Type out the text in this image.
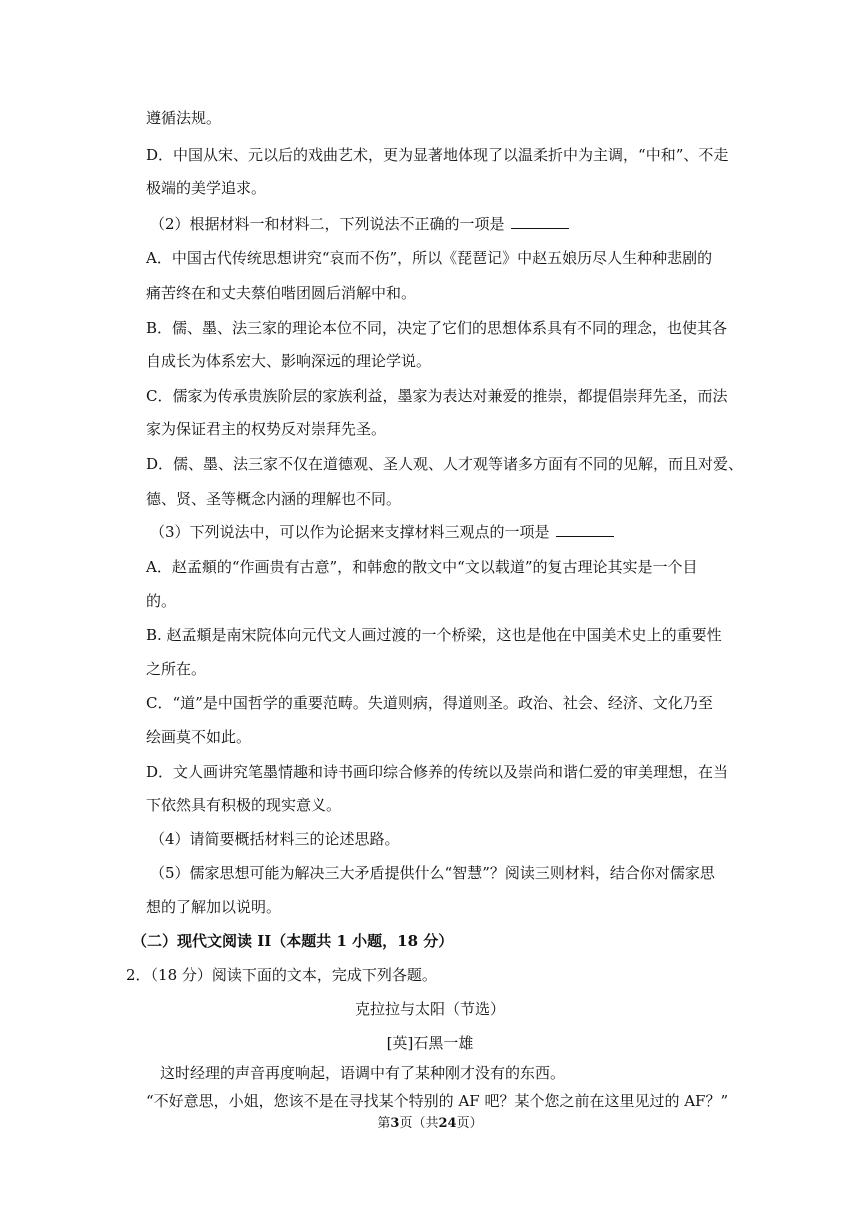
遵循法规。
D．中国从宋、元以后的戏曲艺术，更为显著地体现了以温柔折中为主调，“中和”、不走
极端的美学追求。
（2）根据材料一和材料二，下列说法不正确的一项是
A．中国古代传统思想讲究“哀而不伤”，所以《琵琶记》中赵五娘历尽人生种种悲剧的
痛苦终在和丈夫蔡伯喈团圆后消解中和。
B．儒、墨、法三家的理论本位不同，决定了它们的思想体系具有不同的理念，也使其各
自成长为体系宏大、影响深远的理论学说。
C．儒家为传承贵族阶层的家族利益，墨家为表达对兼爱的推崇，都提倡崇拜先圣，而法
家为保证君主的权势反对崇拜先圣。
D．儒、墨、法三家不仅在道德观、圣人观、人才观等诸多方面有不同的见解，而且对爱、
德、贤、圣等概念内涵的理解也不同。
（3）下列说法中，可以作为论据来支撑材料三观点的一项是
A．赵孟頫的“作画贵有古意”，和韩愈的散文中“文以载道”的复古理论其实是一个目
的。
B. 赵孟頫是南宋院体向元代文人画过渡的一个桥梁，这也是他在中国美术史上的重要性
之所在。
C．“道”是中国哲学的重要范畴。失道则病，得道则圣。政治、社会、经济、文化乃至
绘画莫不如此。
D．文人画讲究笔墨情趣和诗书画印综合修养的传统以及崇尚和谐仁爱的审美理想，在当
下依然具有积极的现实意义。
（4）请简要概括材料三的论述思路。
（5）儒家思想可能为解决三大矛盾提供什么“智慧”？阅读三则材料，结合你对儒家思
想的了解加以说明。
（二）现代文阅读 II（本题共 1 小题，18 分）
2．（18 分）阅读下面的文本，完成下列各题。
克拉拉与太阳（节选）
[英]石黑一雄
这时经理的声音再度响起，语调中有了某种刚才没有的东西。
“不好意思，小姐，您该不是在寻找某个特别的 AF 吧？某个您之前在这里见过的 AF？”
第3页（共24页）
